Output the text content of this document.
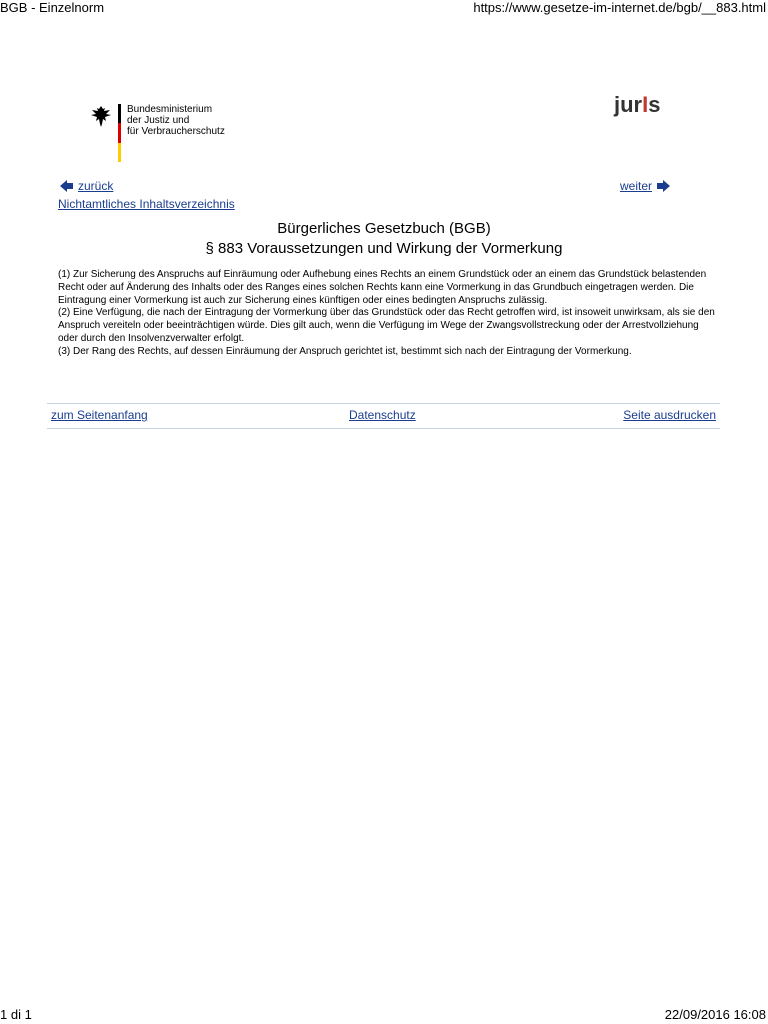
BGB - Einzelnorm	https://www.gesetze-im-internet.de/bgb/__883.html
Bundesministerium
der Justiz und
für Verbraucherschutz
jurIs
zurück	weiter
Nichtamtliches Inhaltsverzeichnis
Bürgerliches Gesetzbuch (BGB)
§ 883 Voraussetzungen und Wirkung der Vormerkung

(1) Zur Sicherung des Anspruchs auf Einräumung oder Aufhebung eines Rechts an einem Grundstück oder an einem das Grundstück belastenden Recht oder auf Änderung des Inhalts oder des Ranges eines solchen Rechts kann eine Vormerkung in das Grundbuch eingetragen werden. Die Eintragung einer Vormerkung ist auch zur Sicherung eines künftigen oder eines bedingten Anspruchs zulässig.

(2) Eine Verfügung, die nach der Eintragung der Vormerkung über das Grundstück oder das Recht getroffen wird, ist insoweit unwirksam, als sie den Anspruch vereiteln oder beeinträchtigen würde. Dies gilt auch, wenn die Verfügung im Wege der Zwangsvollstreckung oder der Arrestvollziehung oder durch den Insolvenzverwalter erfolgt.

(3) Der Rang des Rechts, auf dessen Einräumung der Anspruch gerichtet ist, bestimmt sich nach der Eintragung der Vormerkung.

zum Seitenanfang	Datenschutz	Seite ausdrucken
1 di 1	22/09/2016 16:08
